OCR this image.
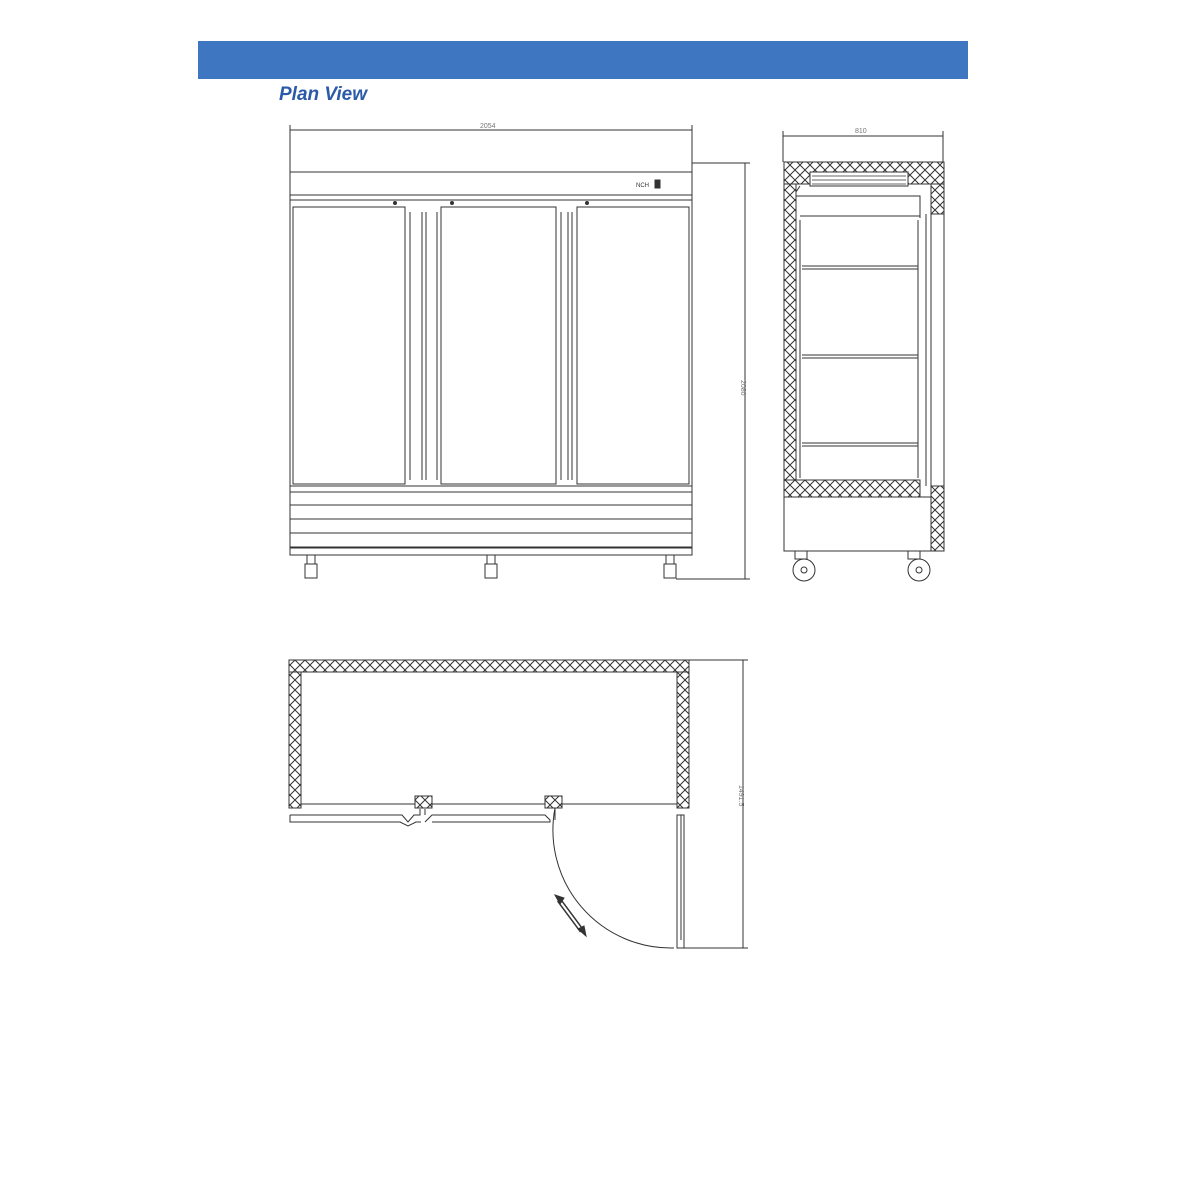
Plan View
2054
NCH
2080
810
1491.5
